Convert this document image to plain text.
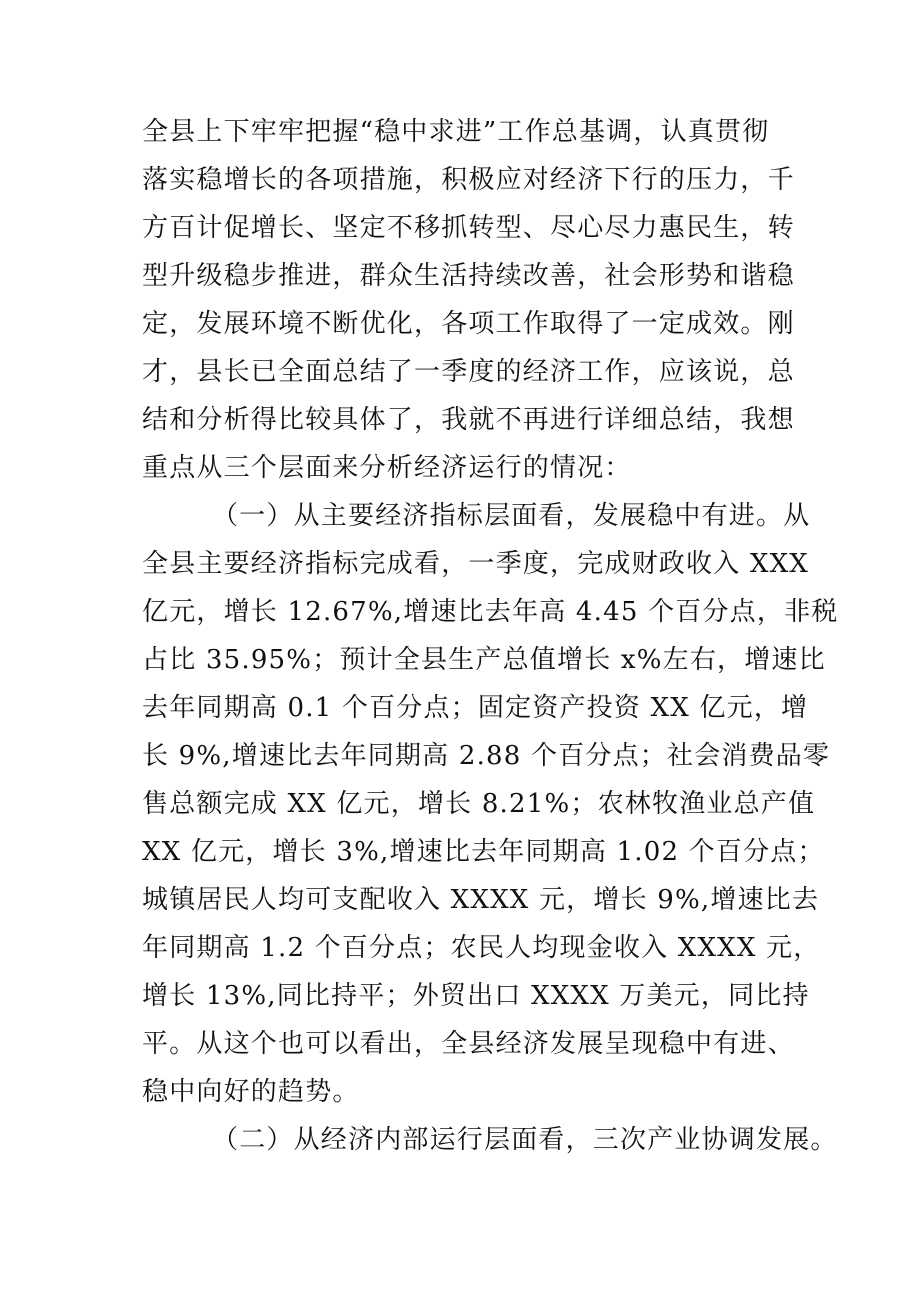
全县上下牢牢把握“稳中求进”工作总基调，认真贯彻
落实稳增长的各项措施，积极应对经济下行的压力，千
方百计促增长、坚定不移抓转型、尽心尽力惠民生，转
型升级稳步推进，群众生活持续改善，社会形势和谐稳
定，发展环境不断优化，各项工作取得了一定成效。刚
才，县长已全面总结了一季度的经济工作，应该说，总
结和分析得比较具体了，我就不再进行详细总结，我想
重点从三个层面来分析经济运行的情况：
（一）从主要经济指标层面看，发展稳中有进。从
全县主要经济指标完成看，一季度，完成财政收入 XXX
亿元，增长 12.67%,增速比去年高 4.45 个百分点，非税
占比 35.95%；预计全县生产总值增长 x%左右，增速比
去年同期高 0.1 个百分点；固定资产投资 XX 亿元，增
长 9%,增速比去年同期高 2.88 个百分点；社会消费品零
售总额完成 XX 亿元，增长 8.21%；农林牧渔业总产值
XX 亿元，增长 3%,增速比去年同期高 1.02 个百分点；
城镇居民人均可支配收入 XXXX 元，增长 9%,增速比去
年同期高 1.2 个百分点；农民人均现金收入 XXXX 元，
增长 13%,同比持平；外贸出口 XXXX 万美元，同比持
平。从这个也可以看出，全县经济发展呈现稳中有进、
稳中向好的趋势。
（二）从经济内部运行层面看，三次产业协调发展。
